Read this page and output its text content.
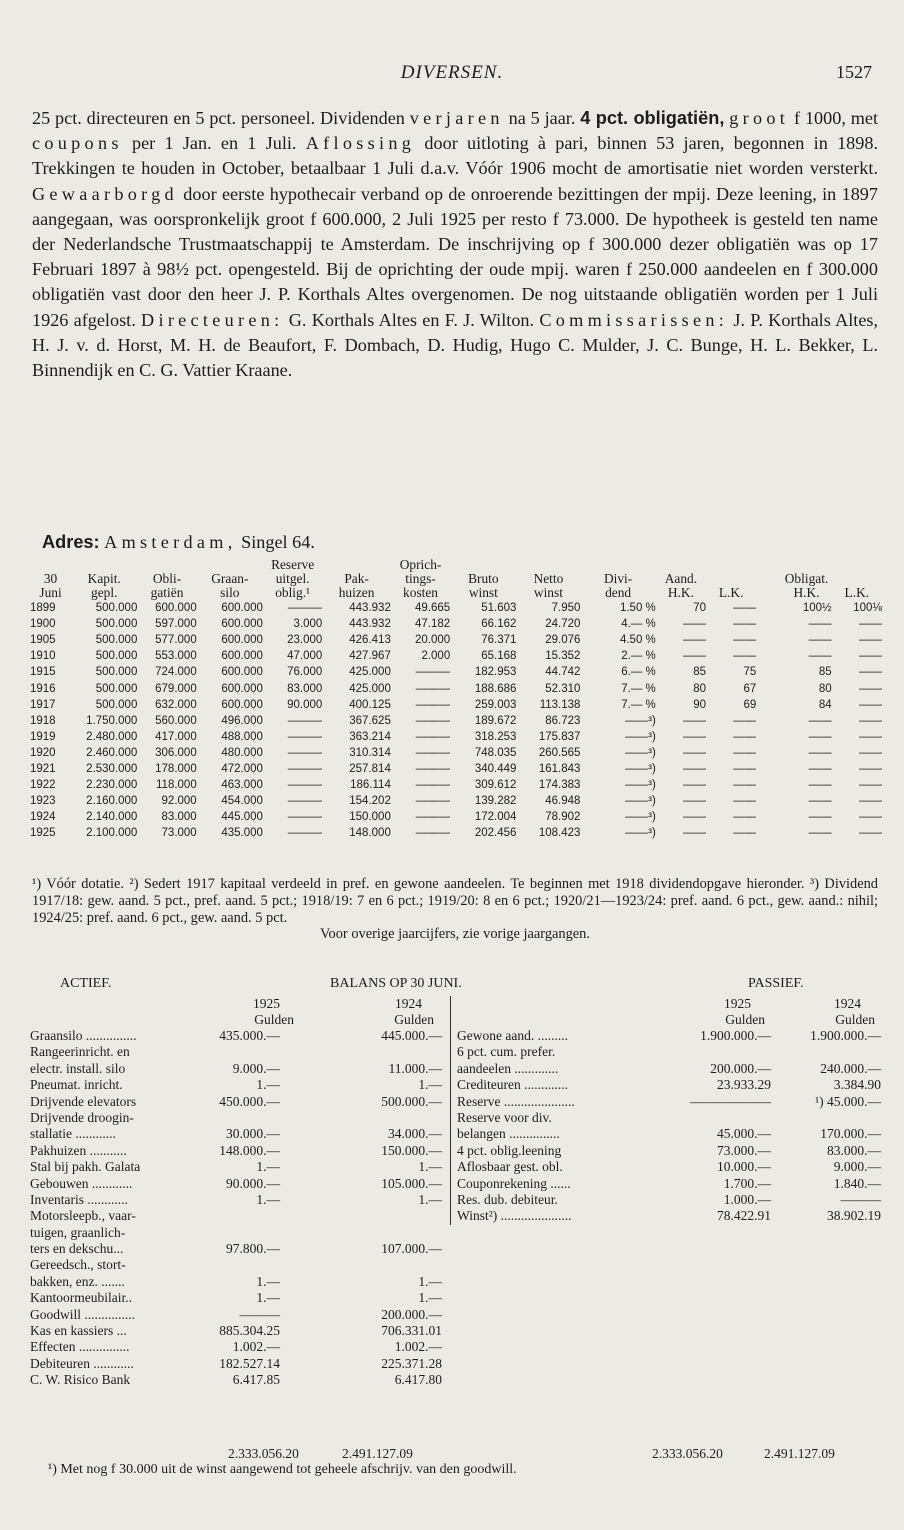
DIVERSEN.	1527

25 pct. directeuren en 5 pct. personeel. Dividenden verjaren na 5 jaar. 4 pct. obligatiën, groot f 1000, met coupons per 1 Jan. en 1 Juli. Aflossing door uitloting à pari, binnen 53 jaren, begonnen in 1898. Trekkingen te houden in October, betaalbaar 1 Juli d.a.v. Vóór 1906 mocht de amortisatie niet worden versterkt. Gewaarborgd door eerste hypothecair verband op de onroerende bezittingen der mpij. Deze leening, in 1897 aangegaan, was oorspronkelijk groot f 600.000, 2 Juli 1925 per resto f 73.000. De hypotheek is gesteld ten name der Nederlandsche Trustmaatschappij te Amsterdam. De inschrijving op f 300.000 dezer obligatiën was op 17 Februari 1897 à 98½ pct. opengesteld. Bij de oprichting der oude mpij. waren f 250.000 aandeelen en f 300.000 obligatiën vast door den heer J. P. Korthals Altes overgenomen. De nog uitstaande obligatiën worden per 1 Juli 1926 afgelost. Directeuren: G. Korthals Altes en F. J. Wilton. Commissarissen: J. P. Korthals Altes, H. J. v. d. Horst, M. H. de Beaufort, F. Dombach, D. Hudig, Hugo C. Mulder, J. C. Bunge, H. L. Bekker, L. Binnendijk en C. G. Vattier Kraane.

Adres: Amsterdam, Singel 64.
				Reserve		Oprich-								
30	Kapit.	Obli-	Graan-	uitgel.	Pak-	tings-	Bruto	Netto	Divi-	Aand.			Obligat.	
Juni	gepl.	gatiën	silo	oblig.¹	huizen	kosten	winst	winst	dend	H.K.	L.K.		H.K.	L.K.
1899	500.000	600.000	600.000	———	443.932	49.665	51.603	7.950	1.50 %	70	——		100½	100⅛
1900	500.000	597.000	600.000	3.000	443.932	47.182	66.162	24.720	4.— %	——	——		——	——
1905	500.000	577.000	600.000	23.000	426.413	20.000	76.371	29.076	4.50 %	——	——		——	——
1910	500.000	553.000	600.000	47.000	427.967	2.000	65.168	15.352	2.— %	——	——		——	——
1915	500.000	724.000	600.000	76.000	425.000	———	182.953	44.742	6.— %	85	75		85	——
1916	500.000	679.000	600.000	83.000	425.000	———	188.686	52.310	7.— %	80	67		80	——
1917	500.000	632.000	600.000	90.000	400.125	———	259.003	113.138	7.— %	90	69		84	——
1918	1.750.000	560.000	496.000	———	367.625	———	189.672	86.723	——³)	——	——		——	——
1919	2.480.000	417.000	488.000	———	363.214	———	318.253	175.837	——³)	——	——		——	——
1920	2.460.000	306.000	480.000	———	310.314	———	748.035	260.565	——³)	——	——		——	——
1921	2.530.000	178.000	472.000	———	257.814	———	340.449	161.843	——³)	——	——		——	——
1922	2.230.000	118.000	463.000	———	186.114	———	309.612	174.383	——³)	——	——		——	——
1923	2.160.000	92.000	454.000	———	154.202	———	139.282	46.948	——³)	——	——		——	——
1924	2.140.000	83.000	445.000	———	150.000	———	172.004	78.902	——³)	——	——		——	——
1925	2.100.000	73.000	435.000	———	148.000	———	202.456	108.423	——³)	——	——		——	——

¹) Vóór dotatie. ²) Sedert 1917 kapitaal verdeeld in pref. en gewone aandeelen. Te beginnen met 1918 dividendopgave hieronder. ³) Dividend 1917/18: gew. aand. 5 pct., pref. aand. 5 pct.; 1918/19: 7 en 6 pct.; 1919/20: 8 en 6 pct.; 1920/21—1923/24: pref. aand. 6 pct., gew. aand.: nihil; 1924/25: pref. aand. 6 pct., gew. aand. 5 pct.

Voor overige jaarcijfers, zie vorige jaargangen.

ACTIEF.	BALANS OP 30 JUNI.	PASSIEF.
1925	1924
Gulden	Gulden
Graansilo ...............	435.000.—	445.000.—
Rangeerinricht. en
electr. install. silo	9.000.—	11.000.—
Pneumat. inricht.	1.—	1.—
Drijvende elevators	450.000.—	500.000.—
Drijvende droogin-
stallatie ............	30.000.—	34.000.—
Pakhuizen ...........	148.000.—	150.000.—
Stal bij pakh. Galata	1.—	1.—
Gebouwen ............	90.000.—	105.000.—
Inventaris ............	1.—	1.—
Motorsleepb., vaar-
tuigen, graanlich-
ters en dekschu...	97.800.—	107.000.—
Gereedsch., stort-
bakken, enz. .......	1.—	1.—
Kantoormeubilair..	1.—	1.—
Goodwill ...............	———	200.000.—
Kas en kassiers ...	885.304.25	706.331.01
Effecten ...............	1.002.—	1.002.—
Debiteuren ............	182.527.14	225.371.28
C. W. Risico Bank	6.417.85	6.417.80
1925	1924
Gulden	Gulden
Gewone aand. .........	1.900.000.—	1.900.000.—
6 pct. cum. prefer.
aandeelen .............	200.000.—	240.000.—
Crediteuren .............	23.933.29	3.384.90
Reserve .....................	——————	¹) 45.000.—
Reserve voor div.
belangen ...............	45.000.—	170.000.—
4 pct. oblig.leening	73.000.—	83.000.—
Aflosbaar gest. obl.	10.000.—	9.000.—
Couponrekening ......	1.700.—	1.840.—
Res. dub. debiteur.	1.000.—	———
Winst²) .....................	78.422.91	38.902.19
2.333.056.20	2.491.127.09	2.333.056.20	2.491.127.09
¹) Met nog f 30.000 uit de winst aangewend tot geheele afschrijv. van den goodwill.
